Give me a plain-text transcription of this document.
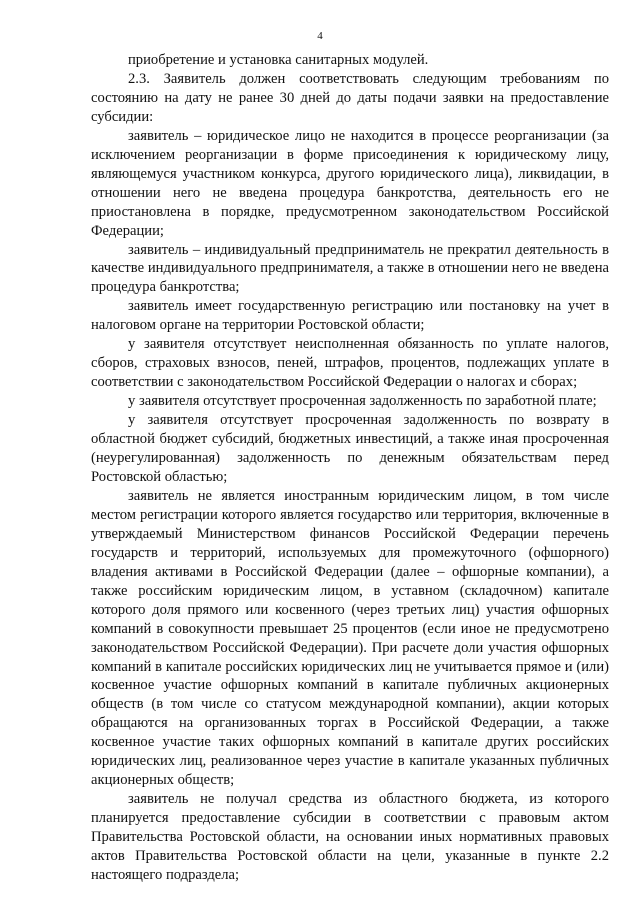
4

приобретение и установка санитарных модулей.

2.3. Заявитель должен соответствовать следующим требованиям по состоянию на дату не ранее 30 дней до даты подачи заявки на предоставление субсидии:

заявитель – юридическое лицо не находится в процессе реорганизации (за исключением реорганизации в форме присоединения к юридическому лицу, являющемуся участником конкурса, другого юридического лица), ликвидации, в отношении него не введена процедура банкротства, деятельность его не приостановлена в порядке, предусмотренном законодательством Российской Федерации;

заявитель – индивидуальный предприниматель не прекратил деятельность в качестве индивидуального предпринимателя, а также в отношении него не введена процедура банкротства;

заявитель имеет государственную регистрацию или постановку на учет в налоговом органе на территории Ростовской области;

у заявителя отсутствует неисполненная обязанность по уплате налогов, сборов, страховых взносов, пеней, штрафов, процентов, подлежащих уплате в соответствии с законодательством Российской Федерации о налогах и сборах;

у заявителя отсутствует просроченная задолженность по заработной плате;

у заявителя отсутствует просроченная задолженность по возврату в областной бюджет субсидий, бюджетных инвестиций, а также иная просроченная (неурегулированная) задолженность по денежным обязательствам перед Ростовской областью;

заявитель не является иностранным юридическим лицом, в том числе местом регистрации которого является государство или территория, включенные в утверждаемый Министерством финансов Российской Федерации перечень государств и территорий, используемых для промежуточного (офшорного) владения активами в Российской Федерации (далее – офшорные компании), а также российским юридическим лицом, в уставном (складочном) капитале которого доля прямого или косвенного (через третьих лиц) участия офшорных компаний в совокупности превышает 25 процентов (если иное не предусмотрено законодательством Российской Федерации). При расчете доли участия офшорных компаний в капитале российских юридических лиц не учитывается прямое и (или) косвенное участие офшорных компаний в капитале публичных акционерных обществ (в том числе со статусом международной компании), акции которых обращаются на организованных торгах в Российской Федерации, а также косвенное участие таких офшорных компаний в капитале других российских юридических лиц, реализованное через участие в капитале указанных публичных акционерных обществ;

заявитель не получал средства из областного бюджета, из которого планируется предоставление субсидии в соответствии с правовым актом Правительства Ростовской области, на основании иных нормативных правовых актов Правительства Ростовской области на цели, указанные в пункте 2.2 настоящего подраздела;
